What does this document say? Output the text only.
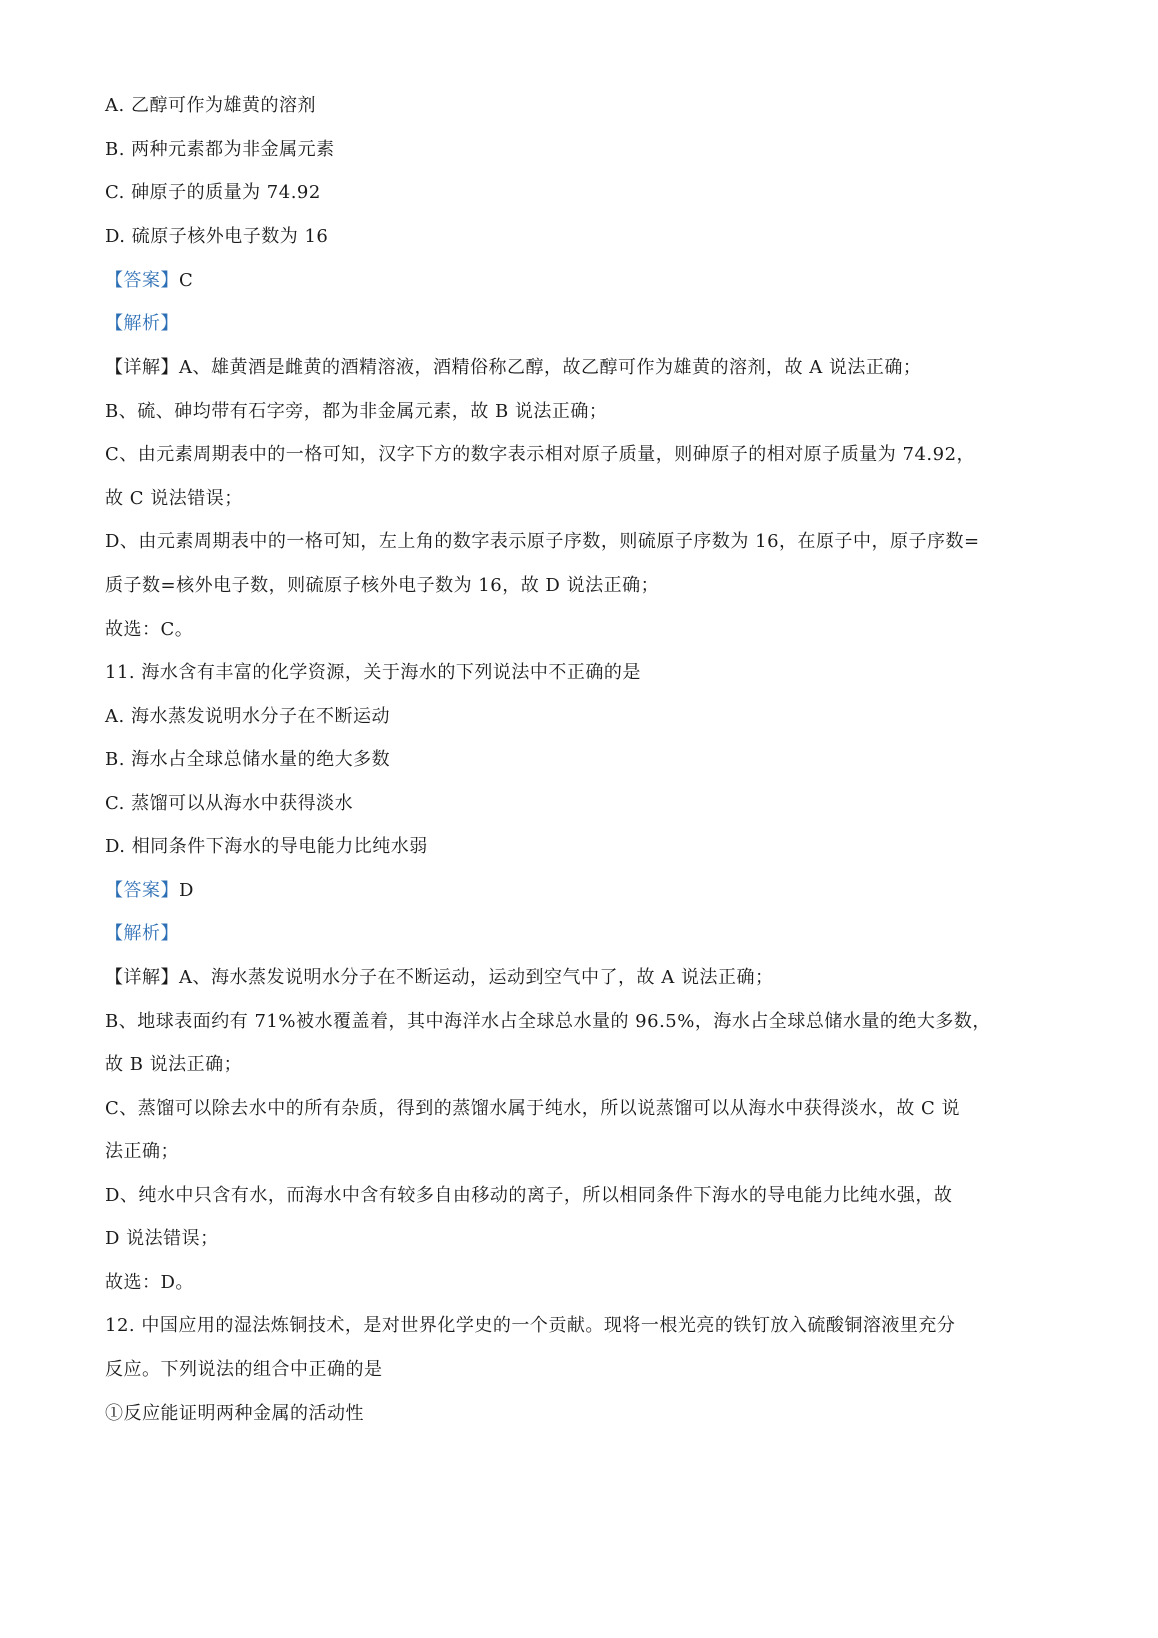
A. 乙醇可作为雄黄的溶剂
B. 两种元素都为非金属元素
C. 砷原子的质量为 74.92
D. 硫原子核外电子数为 16
【答案】C
【解析】
【详解】A、雄黄酒是雌黄的酒精溶液，酒精俗称乙醇，故乙醇可作为雄黄的溶剂，故 A 说法正确；
B、硫、砷均带有石字旁，都为非金属元素，故 B 说法正确；
C、由元素周期表中的一格可知，汉字下方的数字表示相对原子质量，则砷原子的相对原子质量为 74.92，
故 C 说法错误；
D、由元素周期表中的一格可知，左上角的数字表示原子序数，则硫原子序数为 16，在原子中，原子序数=
质子数=核外电子数，则硫原子核外电子数为 16，故 D 说法正确；
故选：C。
11. 海水含有丰富的化学资源，关于海水的下列说法中不正确的是
A. 海水蒸发说明水分子在不断运动
B. 海水占全球总储水量的绝大多数
C. 蒸馏可以从海水中获得淡水
D. 相同条件下海水的导电能力比纯水弱
【答案】D
【解析】
【详解】A、海水蒸发说明水分子在不断运动，运动到空气中了，故 A 说法正确；
B、地球表面约有 71%被水覆盖着，其中海洋水占全球总水量的 96.5%，海水占全球总储水量的绝大多数，
故 B 说法正确；
C、蒸馏可以除去水中的所有杂质，得到的蒸馏水属于纯水，所以说蒸馏可以从海水中获得淡水，故 C 说
法正确；
D、纯水中只含有水，而海水中含有较多自由移动的离子，所以相同条件下海水的导电能力比纯水强，故
D 说法错误；
故选：D。
12. 中国应用的湿法炼铜技术，是对世界化学史的一个贡献。现将一根光亮的铁钉放入硫酸铜溶液里充分
反应。下列说法的组合中正确的是
①反应能证明两种金属的活动性
